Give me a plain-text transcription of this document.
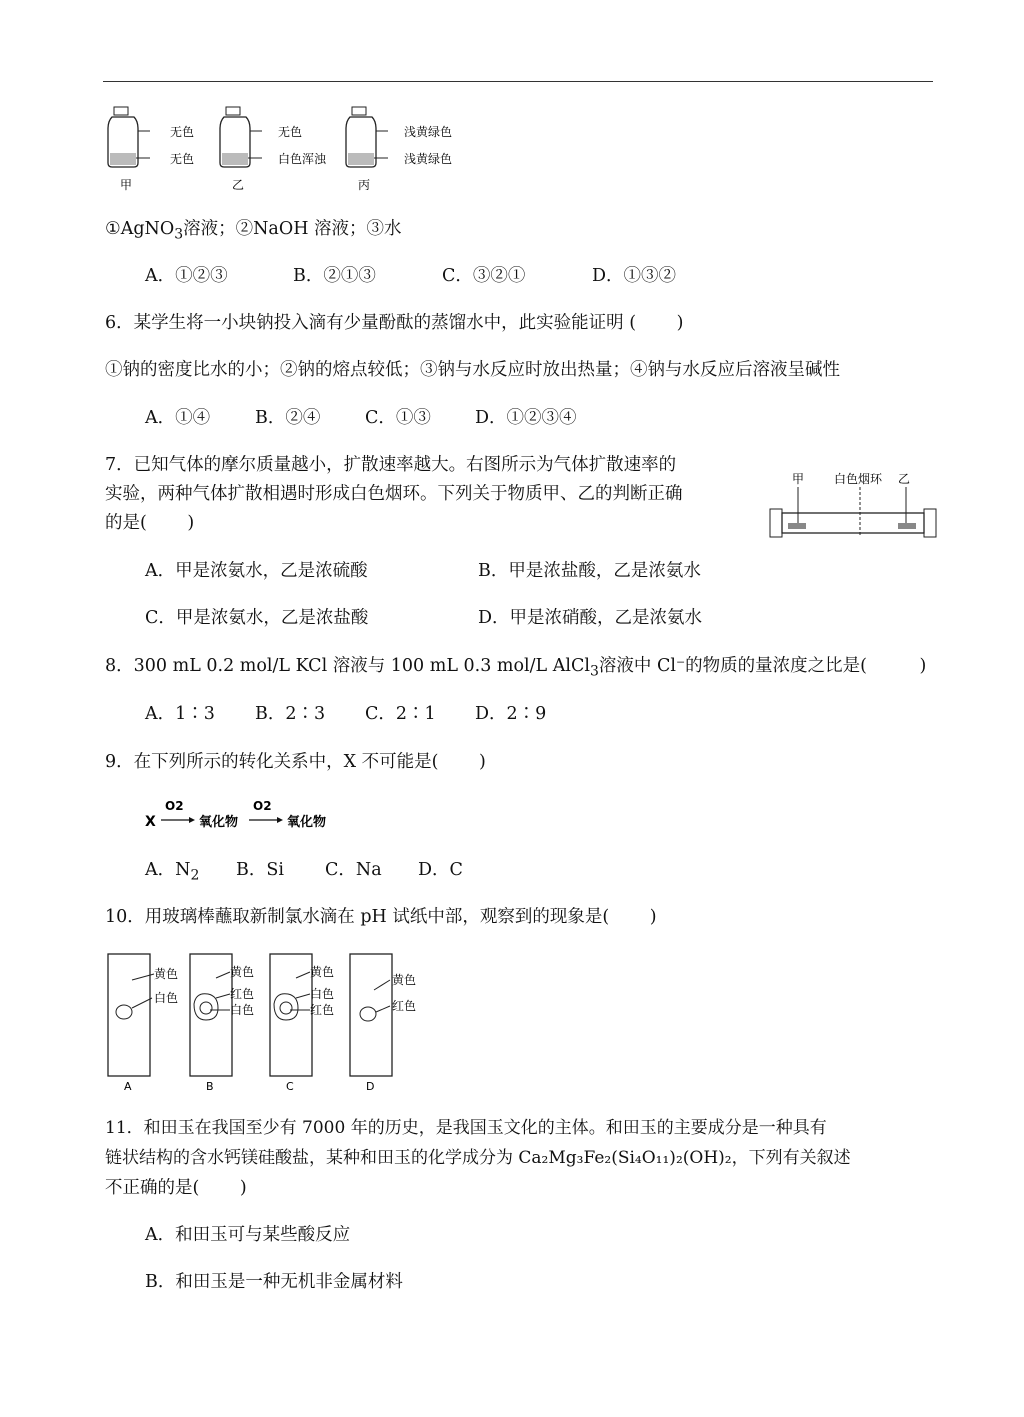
无色
无色
甲
无色
白色浑浊
乙
浅黄绿色
浅黄绿色
丙
①AgNO$_3$溶液；②NaOH 溶液；③水
A．①②③	B．②①③	C．③②①	D．①③②
6．某学生将一小块钠投入滴有少量酚酞的蒸馏水中，此实验能证明 (　　 )
①钠的密度比水的小；②钠的熔点较低；③钠与水反应时放出热量；④钠与水反应后溶液呈碱性
A．①④	B．②④	C．①③	D．①②③④
7．已知气体的摩尔质量越小，扩散速率越大。右图所示为气体扩散速率的
实验，两种气体扩散相遇时形成白色烟环。下列关于物质甲、乙的判断正确
的是(　　 )
甲 白色烟环 乙
A．甲是浓氨水，乙是浓硫酸	B．甲是浓盐酸，乙是浓氨水
C．甲是浓氨水，乙是浓盐酸	D．甲是浓硝酸，乙是浓氨水
8．300 mL 0.2 mol/L KCl 溶液与 100 mL 0.3 mol/L AlCl$_3$溶液中 Cl⁻的物质的量浓度之比是(　　　)
A．1∶3 B．2∶3 C．2∶1 D．2∶9
9．在下列所示的转化关系中，X 不可能是(　　 )
X
O2
氧化物
O2
氧化物
A．$N_2$ B．Si C．Na D．C
10．用玻璃棒蘸取新制氯水滴在 pH 试纸中部，观察到的现象是(　　 )
黄色
白色
A
黄色
红色
白色
B
黄色
白色
红色
C
黄色
红色
D
11．和田玉在我国至少有 7000 年的历史，是我国玉文化的主体。和田玉的主要成分是一种具有
链状结构的含水钙镁硅酸盐，某种和田玉的化学成分为 Ca₂Mg₃Fe₂(Si₄O₁₁)₂(OH)₂，下列有关叙述
不正确的是(　　 )
A．和田玉可与某些酸反应
B．和田玉是一种无机非金属材料
